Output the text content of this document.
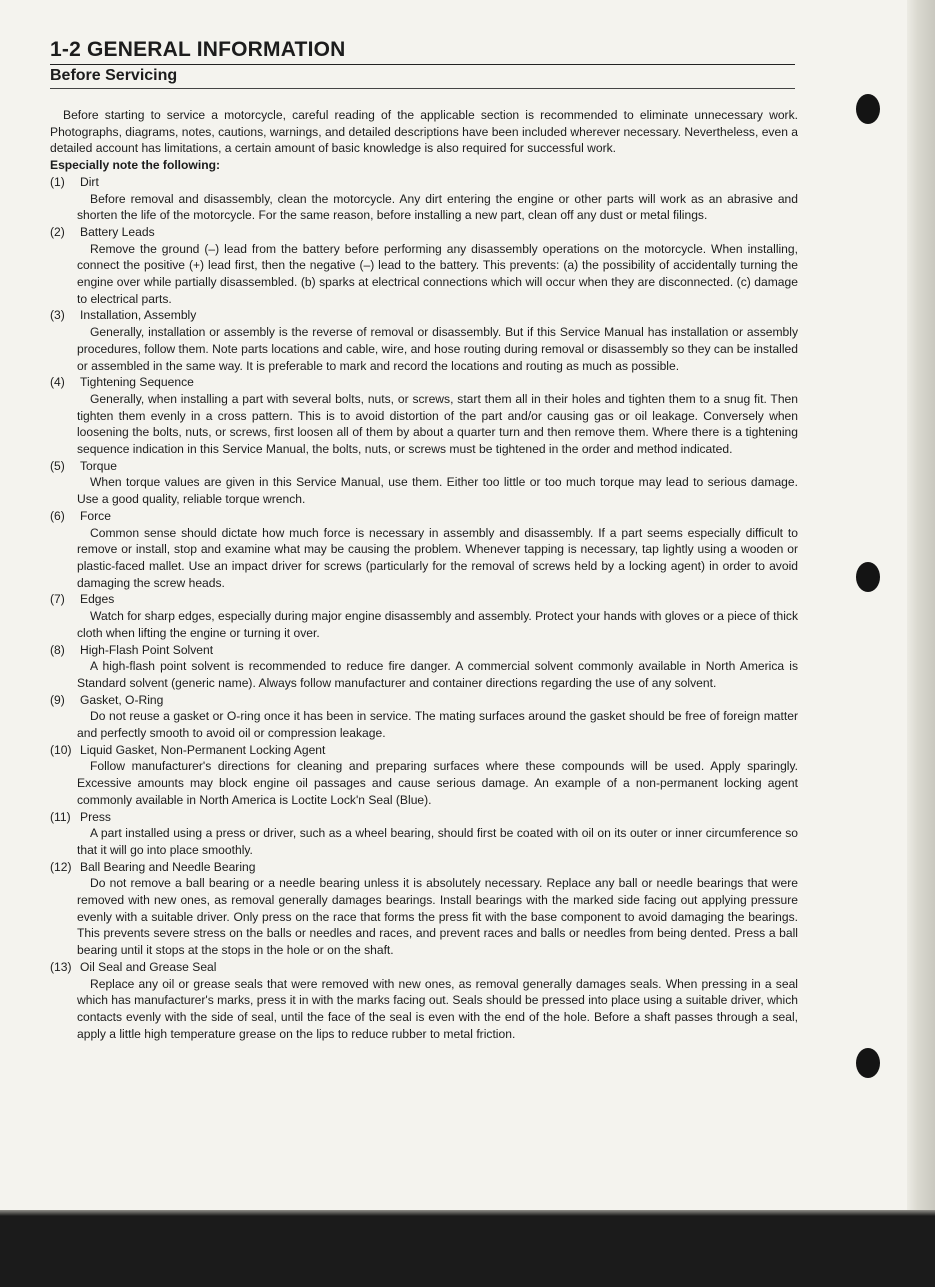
1-2 GENERAL INFORMATION
Before Servicing

Before starting to service a motorcycle, careful reading of the applicable section is recommended to eliminate unnecessary work. Photographs, diagrams, notes, cautions, warnings, and detailed descriptions have been included wherever necessary. Nevertheless, even a detailed account has limitations, a certain amount of basic knowledge is also required for successful work.

Especially note the following:

(1)	Dirt

Before removal and disassembly, clean the motorcycle. Any dirt entering the engine or other parts will work as an abrasive and shorten the life of the motorcycle. For the same reason, before installing a new part, clean off any dust or metal filings.

(2)	Battery Leads

Remove the ground (–) lead from the battery before performing any disassembly operations on the motorcycle. When installing, connect the positive (+) lead first, then the negative (–) lead to the battery. This prevents: (a) the possibility of accidentally turning the engine over while partially disassembled. (b) sparks at electrical connections which will occur when they are disconnected. (c) damage to electrical parts.

(3)	Installation, Assembly

Generally, installation or assembly is the reverse of removal or disassembly. But if this Service Manual has installation or assembly procedures, follow them. Note parts locations and cable, wire, and hose routing during removal or disassembly so they can be installed or assembled in the same way. It is preferable to mark and record the locations and routing as much as possible.

(4)	Tightening Sequence

Generally, when installing a part with several bolts, nuts, or screws, start them all in their holes and tighten them to a snug fit. Then tighten them evenly in a cross pattern. This is to avoid distortion of the part and/or causing gas or oil leakage. Conversely when loosening the bolts, nuts, or screws, first loosen all of them by about a quarter turn and then remove them. Where there is a tightening sequence indication in this Service Manual, the bolts, nuts, or screws must be tightened in the order and method indicated.

(5)	Torque

When torque values are given in this Service Manual, use them. Either too little or too much torque may lead to serious damage. Use a good quality, reliable torque wrench.

(6)	Force

Common sense should dictate how much force is necessary in assembly and disassembly. If a part seems especially difficult to remove or install, stop and examine what may be causing the problem. Whenever tapping is necessary, tap lightly using a wooden or plastic-faced mallet. Use an impact driver for screws (particularly for the removal of screws held by a locking agent) in order to avoid damaging the screw heads.

(7)	Edges

Watch for sharp edges, especially during major engine disassembly and assembly. Protect your hands with gloves or a piece of thick cloth when lifting the engine or turning it over.

(8)	High-Flash Point Solvent

A high-flash point solvent is recommended to reduce fire danger. A commercial solvent commonly available in North America is Standard solvent (generic name). Always follow manufacturer and container directions regarding the use of any solvent.

(9)	Gasket, O-Ring

Do not reuse a gasket or O-ring once it has been in service. The mating surfaces around the gasket should be free of foreign matter and perfectly smooth to avoid oil or compression leakage.

(10) Liquid Gasket, Non-Permanent Locking Agent

Follow manufacturer's directions for cleaning and preparing surfaces where these compounds will be used. Apply sparingly. Excessive amounts may block engine oil passages and cause serious damage. An example of a non-permanent locking agent commonly available in North America is Loctite Lock'n Seal (Blue).

(11) Press

A part installed using a press or driver, such as a wheel bearing, should first be coated with oil on its outer or inner circumference so that it will go into place smoothly.

(12) Ball Bearing and Needle Bearing

Do not remove a ball bearing or a needle bearing unless it is absolutely necessary. Replace any ball or needle bearings that were removed with new ones, as removal generally damages bearings. Install bearings with the marked side facing out applying pressure evenly with a suitable driver. Only press on the race that forms the press fit with the base component to avoid damaging the bearings. This prevents severe stress on the balls or needles and races, and prevent races and balls or needles from being dented. Press a ball bearing until it stops at the stops in the hole or on the shaft.

(13) Oil Seal and Grease Seal

Replace any oil or grease seals that were removed with new ones, as removal generally damages seals. When pressing in a seal which has manufacturer's marks, press it in with the marks facing out. Seals should be pressed into place using a suitable driver, which contacts evenly with the side of seal, until the face of the seal is even with the end of the hole. Before a shaft passes through a seal, apply a little high temperature grease on the lips to reduce rubber to metal friction.
